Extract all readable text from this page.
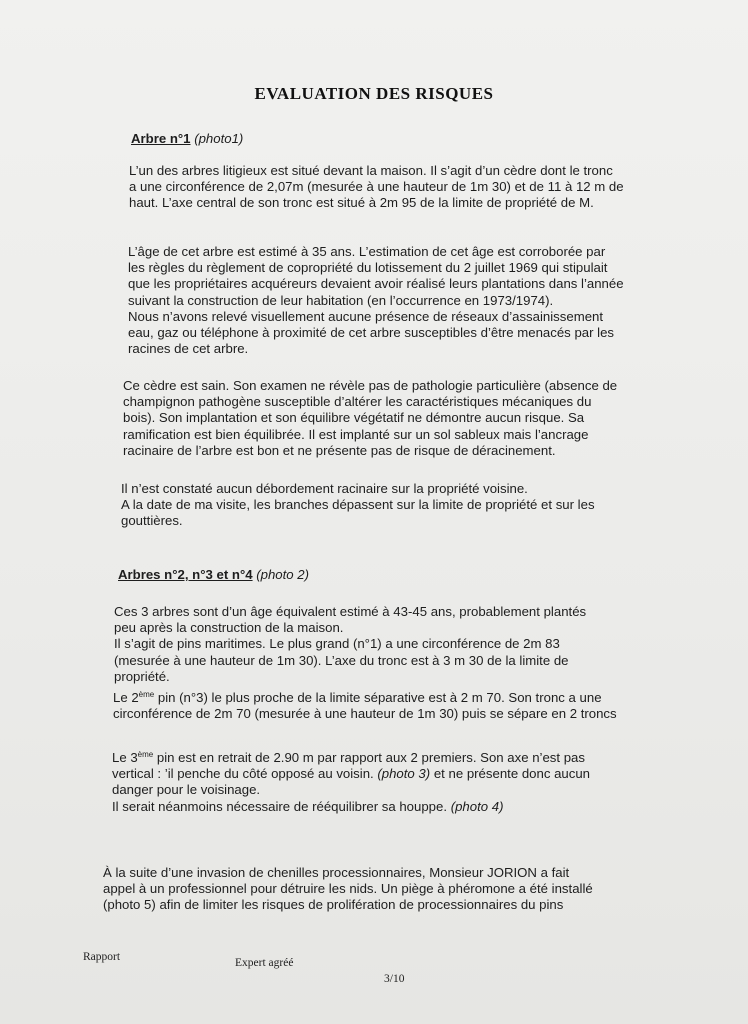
EVALUATION DES RISQUES
Arbre n°1 (photo1)
L’un des arbres litigieux est situé devant la maison. Il s’agit d’un cèdre dont le tronc
a une circonférence de 2,07m (mesurée à une hauteur de 1m 30) et de 11 à 12 m de
haut. L’axe central de son tronc est situé à 2m 95 de la limite de propriété de M.
L’âge de cet arbre est estimé à 35 ans. L’estimation de cet âge est corroborée par
les règles du règlement de copropriété du lotissement du 2 juillet 1969 qui stipulait
que les propriétaires acquéreurs devaient avoir réalisé leurs plantations dans l’année
suivant la construction de leur habitation (en l’occurrence en 1973/1974).
Nous n’avons relevé visuellement aucune présence de réseaux d’assainissement
eau, gaz ou téléphone à proximité de cet arbre susceptibles d’être menacés par les
racines de cet arbre.
Ce cèdre est sain. Son examen ne révèle pas de pathologie particulière (absence de
champignon pathogène susceptible d’altérer les caractéristiques mécaniques du
bois). Son implantation et son équilibre végétatif ne démontre aucun risque. Sa
ramification est bien équilibrée. Il est implanté sur un sol sableux mais l’ancrage
racinaire de l’arbre est bon et ne présente pas de risque de déracinement.
Il n’est constaté aucun débordement racinaire sur la propriété voisine.
A la date de ma visite, les branches dépassent sur la limite de propriété et sur les
gouttières.
Arbres n°2, n°3 et n°4 (photo 2)
Ces 3 arbres sont d’un âge équivalent estimé à 43-45 ans, probablement plantés
peu après la construction de la maison.
Il s’agit de pins maritimes. Le plus grand (n°1) a une circonférence de 2m 83
(mesurée à une hauteur de 1m 30). L’axe du tronc est à 3 m 30 de la limite de
propriété.
Le 2ème pin (n°3) le plus proche de la limite séparative est à 2 m 70. Son tronc a une
circonférence de 2m 70 (mesurée à une hauteur de 1m 30) puis se sépare en 2 troncs
Le 3ème pin est en retrait de 2.90 m par rapport aux 2 premiers. Son axe n’est pas
vertical : ’il penche du côté opposé au voisin. (photo 3) et ne présente donc aucun
danger pour le voisinage.
Il serait néanmoins nécessaire de rééquilibrer sa houppe. (photo 4)
À la suite d’une invasion de chenilles processionnaires, Monsieur JORION a fait
appel à un professionnel pour détruire les nids. Un piège à phéromone a été installé
(photo 5) afin de limiter les risques de prolifération de processionnaires du pins
Rapport	Expert agréé
3/10
